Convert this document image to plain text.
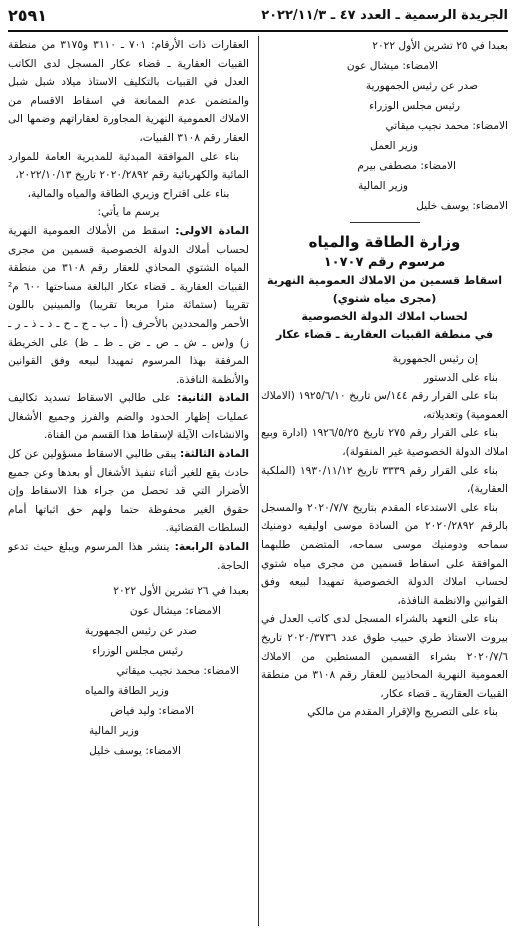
الجريدة الرسمية ـ العدد ٤٧ ـ ٢٠٢٢/١١/٣
٢٥٩١

بعبدا في ٢٥ تشرين الأول ٢٠٢٢

الامضاء: ميشال عون

صدر عن رئيس الجمهورية

رئيس مجلس الوزراء

الامضاء: محمد نجيب ميقاتي

وزير العمل

الامضاء: مصطفى بيرم

وزير المالية

الامضاء: يوسف خليل

وزارة الطاقة والمياه

مرسوم رقم ١٠٧٠٧

اسقاط قسمين من الاملاك العمومية النهرية

(مجرى مياه شتوي)

لحساب املاك الدولة الخصوصية

في منطقة القبيات العقارية ـ قضاء عكار

إن رئيس الجمهورية

بناء على الدستور

بناء على القرار رقم ١٤٤/س تاريخ ١٩٢٥/٦/١٠ (الاملاك العمومية) وتعديلاته،

بناء على القرار رقم ٢٧٥ تاريخ ١٩٢٦/٥/٢٥ (ادارة وبيع املاك الدولة الخصوصية غير المنقولة)،

بناء على القرار رقم ٣٣٣٩ تاريخ ١٩٣٠/١١/١٢ (الملكية العقارية)،

بناء على الاستدعاء المقدم بتاريخ ٢٠٢٠/٧/٧ والمسجل بالرقم ٢٠٢٠/٢٨٩٢ من السادة موسى اوليفيه دومنيك سماحه ودومنيك موسى سماحه، المتضمن طلبهما الموافقة على اسقاط قسمين من مجرى مياه شتوي لحساب املاك الدولة الخصوصية تمهيدا لبيعه وفق القوانين والانظمة النافذة،

بناء على التعهد بالشراء المسجل لدى كاتب العدل في بيروت الاستاذ طري حبيب طوق عدد ٢٠٢٠/٣٧٣٦ تاريخ ٢٠٢٠/٧/٦ بشراء القسمين المستطين من الاملاك العمومية النهرية المحاذيين للعقار رقم ٣١٠٨ من منطقة القبيات العقارية ـ قضاء عكار،

بناء على التصريح والإقرار المقدم من مالكي

العقارات ذات الأرقام: ٧٠١ ـ ٣١١٠ و٣١٧٥ من منطقة القبيات العقارية ـ قضاء عكار المسجل لدى الكاتب العدل في القبيات بالتكليف الاستاذ ميلاد شبل شبل والمتضمن عدم الممانعة في اسقاط الاقسام من الاملاك العمومية النهرية المجاورة لعقاراتهم وضمها الى العقار رقم ٣١٠٨ القبيات،

بناء على الموافقة المبدئية للمديرية العامة للموارد المائية والكهربائية رقم ٢٠٢٠/٢٨٩٢ تاريخ ٢٠٢٢/١٠/١٣،

بناء على اقتراح وزيري الطاقة والمياه والمالية،

يرسم ما يأتي:

المادة الاولى: اسقط من الأملاك العمومية النهرية لحساب أملاك الدولة الخصوصية قسمين من مجرى المياه الشتوي المحاذي للعقار رقم ٣١٠٨ من منطقة القبيات العقارية ـ قضاء عكار البالغة مساحتها ٦٠٠ م² تقريبا (ستمائة مترا مربعا تقريبا) والمبينين باللون الأحمر والمحددين بالأحرف (أ ـ ب ـ ج ـ ح ـ د ـ ذ ـ ر ـ ز) و(س ـ ش ـ ص ـ ض ـ ط ـ ظ) على الخريطة المرفقة بهذا المرسوم تمهيدا لبيعه وفق القوانين والأنظمة النافذة.

المادة الثانية: على طالبي الاسقاط تسديد تكاليف عمليات إظهار الحدود والضم والفرز وجميع الأشغال والانشاءات الآيلة لإسقاط هذا القسم من القناة.

المادة الثالثة: يبقى طالبي الاسقاط مسؤولين عن كل حادث يقع للغير أثناء تنفيذ الأشغال أو بعدها وعن جميع الأضرار التي قد تحصل من جراء هذا الاسقاط وإن حقوق الغير محفوظة حتما ولهم حق اثباتها أمام السلطات القضائية.

المادة الرابعة: ينشر هذا المرسوم ويبلغ حيث تدعو الحاجة.

بعبدا في ٢٦ تشرين الأول ٢٠٢٢

الامضاء: ميشال عون

صدر عن رئيس الجمهورية

رئيس مجلس الوزراء

الامضاء: محمد نجيب ميقاتي

وزير الطاقة والمياه

الامضاء: وليد فياض

وزير المالية

الامضاء: يوسف خليل
